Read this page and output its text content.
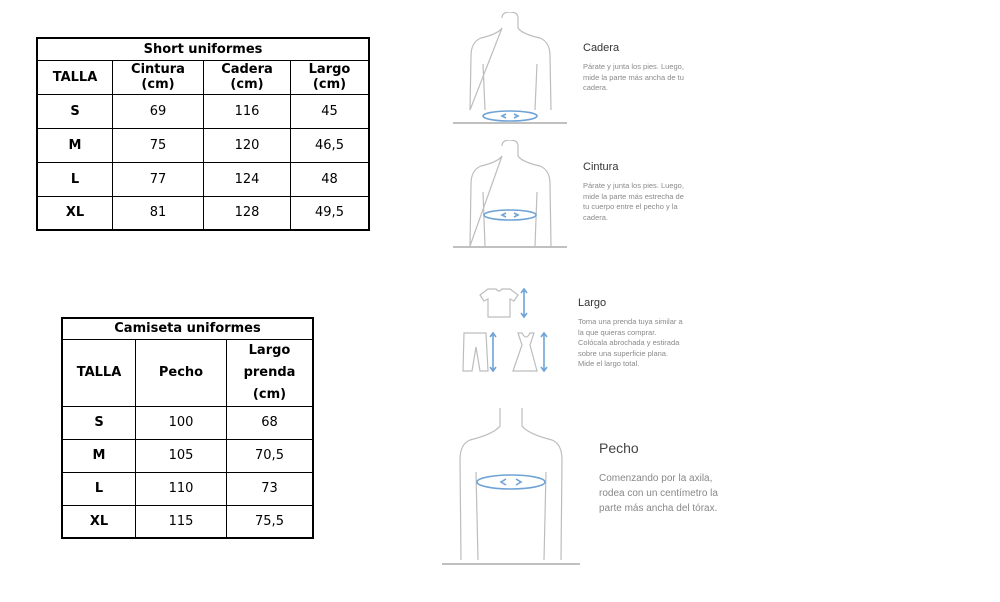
Short uniformes			
TALLA	Cintura (cm)	Cadera (cm)	Largo (cm)
S	69	116	45
M	75	120	46,5
L	77	124	48
XL	81	128	49,5
Camiseta uniformes		
TALLA	Pecho	Largo prenda (cm)
S	100	68
M	105	70,5
L	110	73
XL	115	75,5
Cadera
Párate y junta los pies. Luego,
mide la parte más ancha de tu
cadera.
Cintura
Párate y junta los pies. Luego,
mide la parte más estrecha de
tu cuerpo entre el pecho y la
cadera.
Largo
Toma una prenda tuya similar a
la que quieras comprar.
Colócala abrochada y estirada
sobre una superficie plana.
Mide el largo total.
Pecho
Comenzando por la axila,
rodea con un centímetro la
parte más ancha del tórax.
